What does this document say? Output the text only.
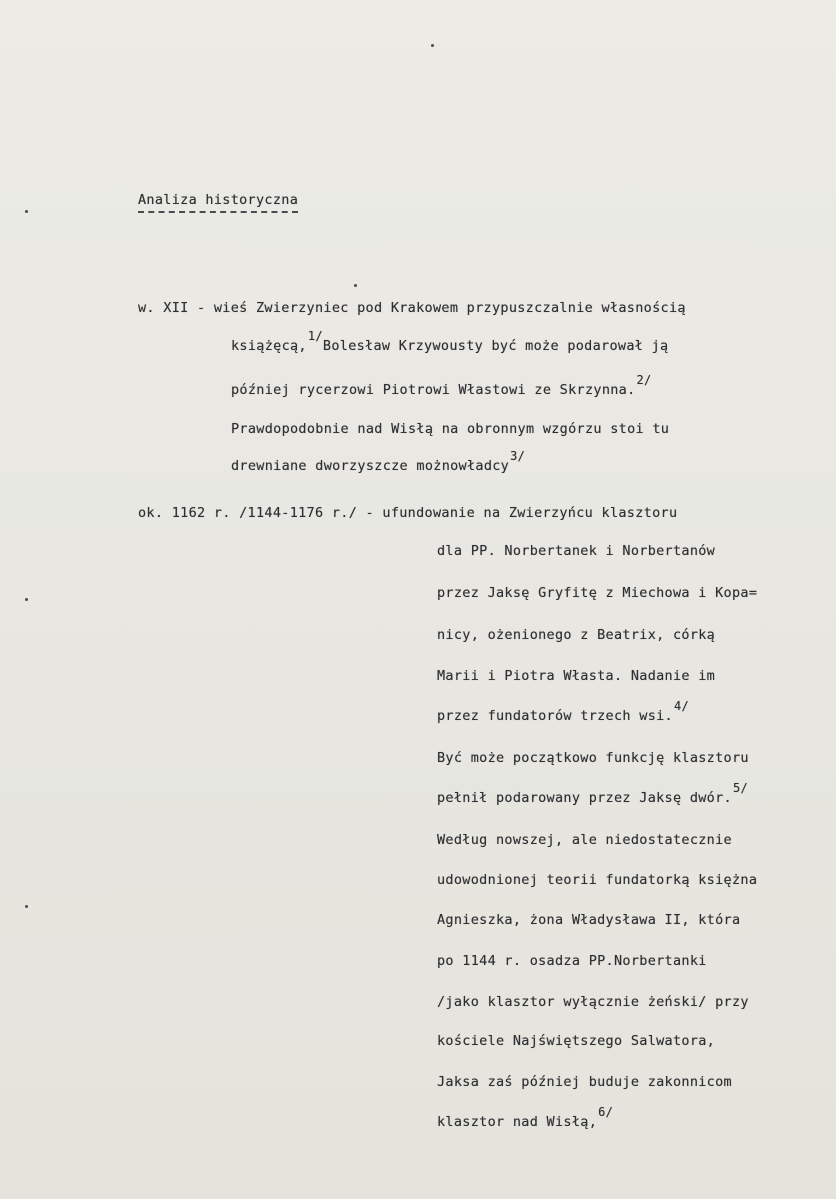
Analiza historyczna
w. XII - wieś Zwierzyniec pod Krakowem przypuszczalnie własnością
książęcą,1/Bolesław Krzywousty być może podarował ją
później rycerzowi Piotrowi Włastowi ze Skrzynna.2/
Prawdopodobnie nad Wisłą na obronnym wzgórzu stoi tu
drewniane dworzyszcze możnowładcy3/
ok. 1162 r. /1144-1176 r./ - ufundowanie na Zwierzyńcu klasztoru
dla PP. Norbertanek i Norbertanów
przez Jaksę Gryfitę z Miechowa i Kopa=
nicy, ożenionego z Beatrix, córką
Marii i Piotra Własta. Nadanie im
przez fundatorów trzech wsi.4/
Być może początkowo funkcję klasztoru
pełnił podarowany przez Jaksę dwór.5/
Według nowszej, ale niedostatecznie
udowodnionej teorii fundatorką księżna
Agnieszka, żona Władysława II, która
po 1144 r. osadza PP.Norbertanki
/jako klasztor wyłącznie żeński/ przy
kościele Najświętszego Salwatora,
Jaksa zaś później buduje zakonnicom
klasztor nad Wisłą,6/
